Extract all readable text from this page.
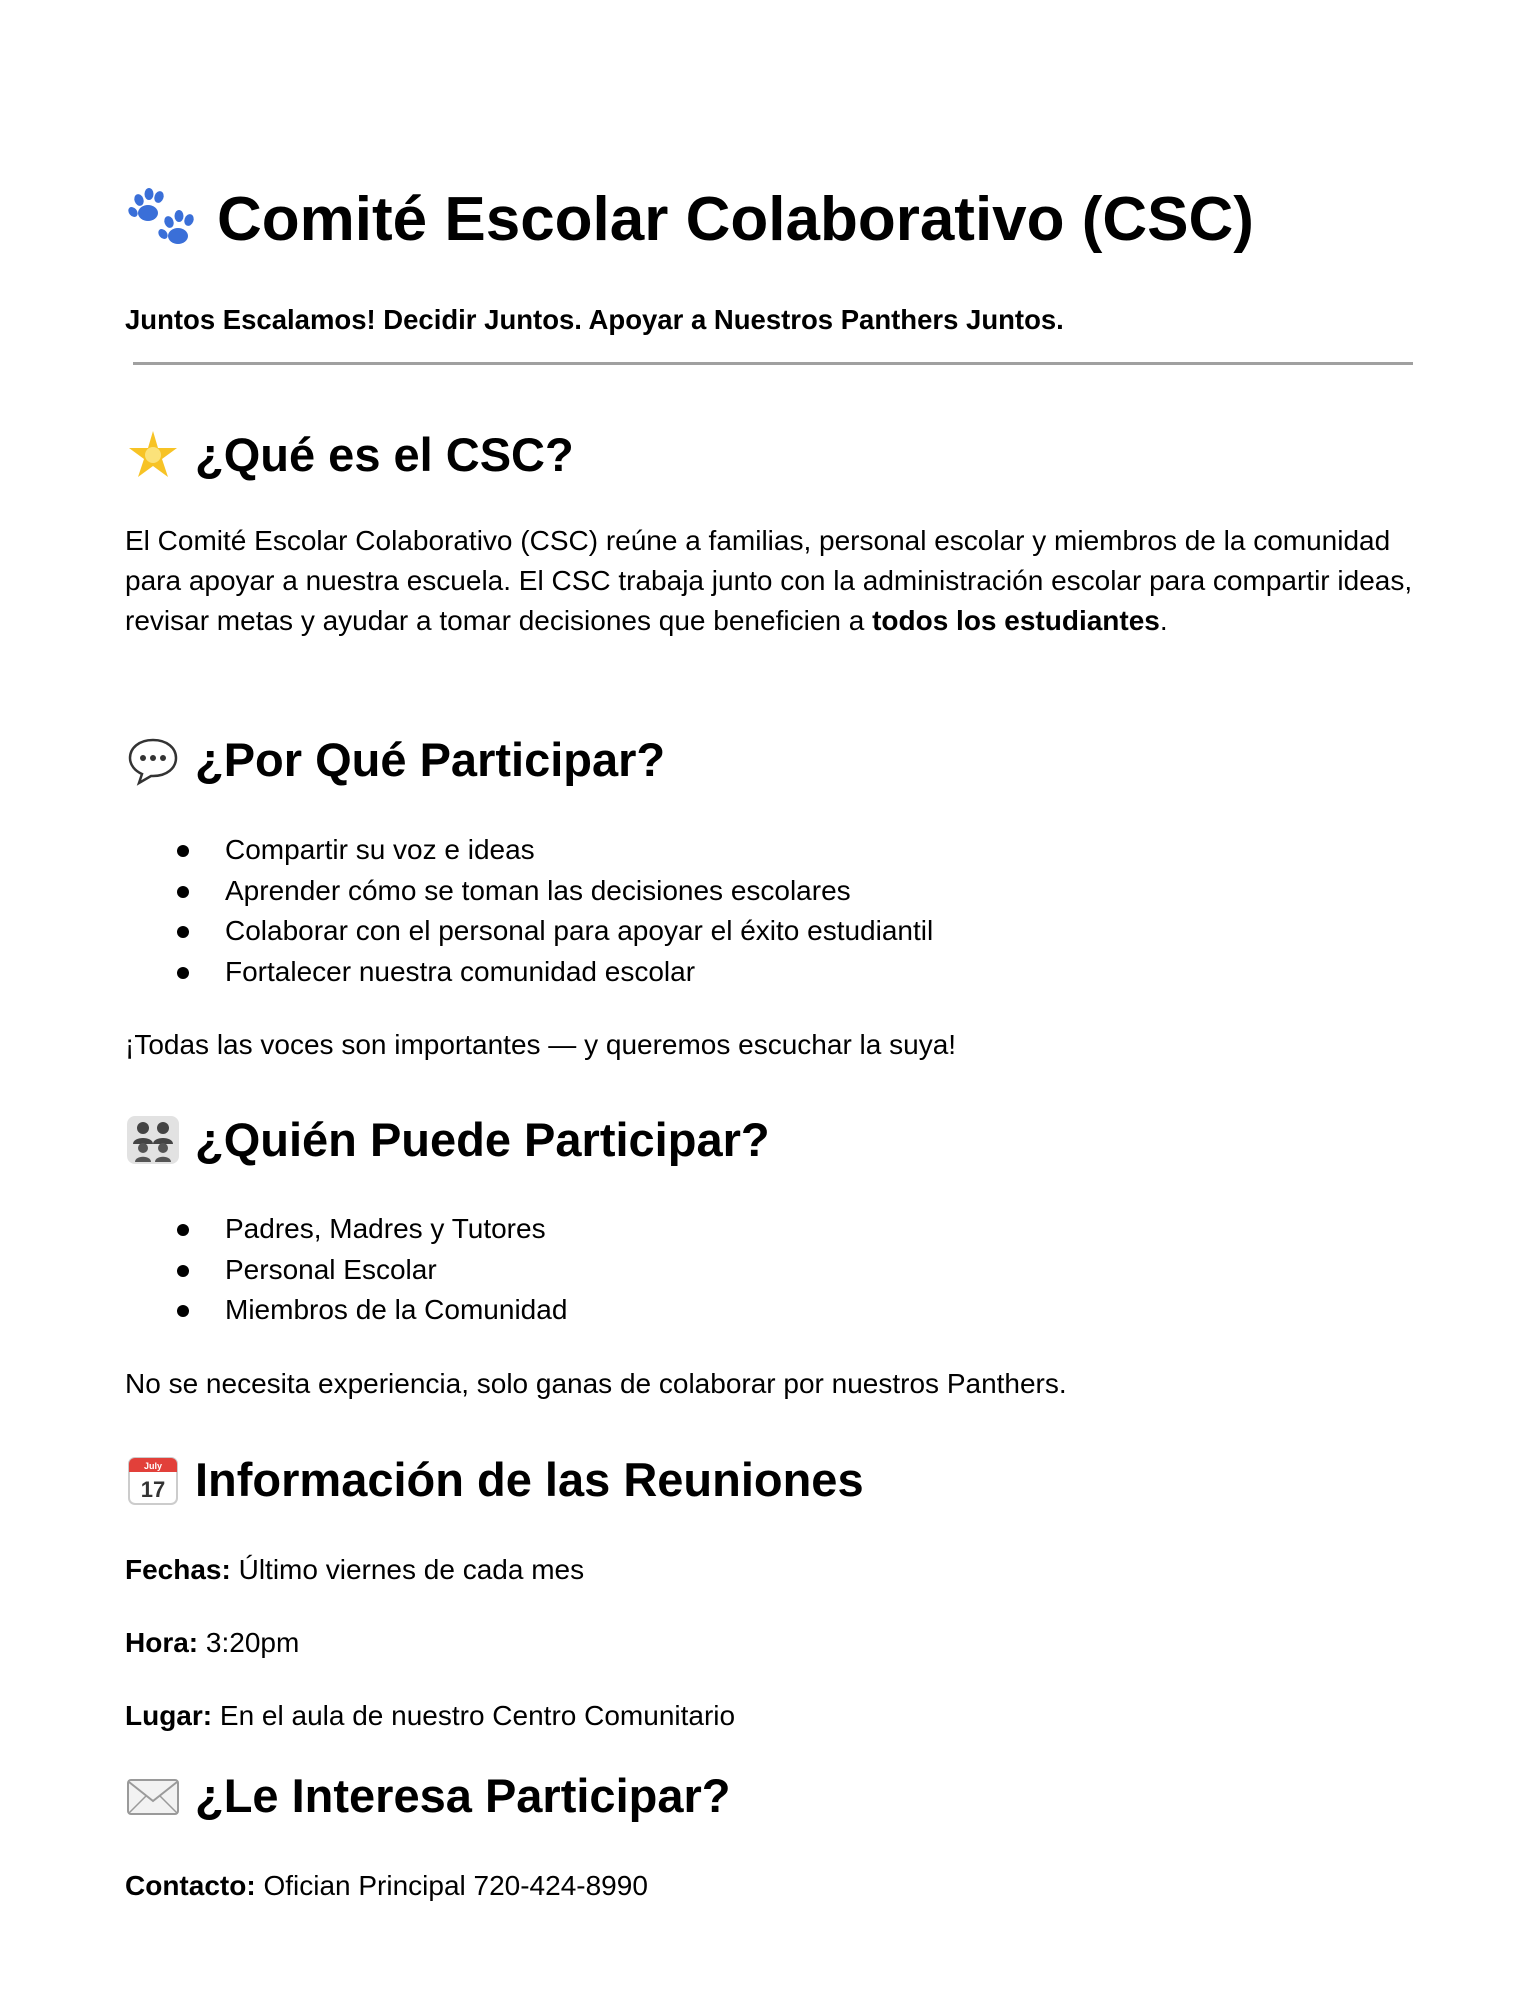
Comité Escolar Colaborativo (CSC)
Juntos Escalamos! Decidir Juntos. Apoyar a Nuestros Panthers Juntos.
¿Qué es el CSC?
El Comité Escolar Colaborativo (CSC) reúne a familias, personal escolar y miembros de la comunidad para apoyar a nuestra escuela. El CSC trabaja junto con la administración escolar para compartir ideas, revisar metas y ayudar a tomar decisiones que beneficien a todos los estudiantes.
¿Por Qué Participar?
Compartir su voz e ideas
Aprender cómo se toman las decisiones escolares
Colaborar con el personal para apoyar el éxito estudiantil
Fortalecer nuestra comunidad escolar
¡Todas las voces son importantes — y queremos escuchar la suya!
¿Quién Puede Participar?
Padres, Madres y Tutores
Personal Escolar
Miembros de la Comunidad
No se necesita experiencia, solo ganas de colaborar por nuestros Panthers.
July
17 Información de las Reuniones
Fechas: Último viernes de cada mes
Hora: 3:20pm
Lugar: En el aula de nuestro Centro Comunitario
¿Le Interesa Participar?
Contacto: Ofician Principal 720-424-8990
